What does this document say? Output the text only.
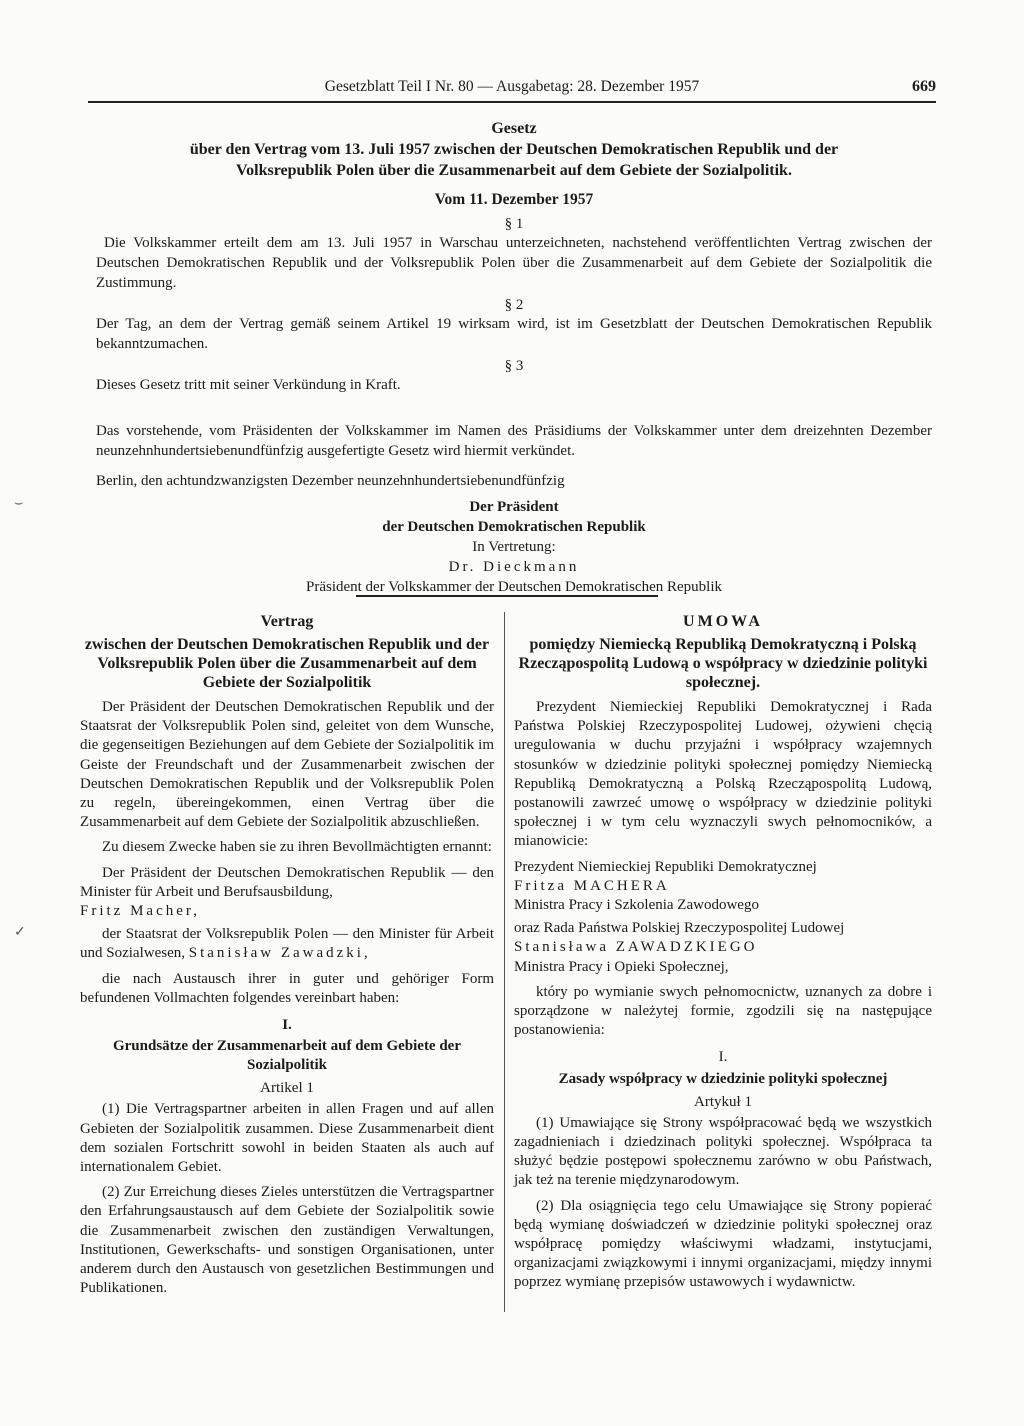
Gesetzblatt Teil I Nr. 80 — Ausgabetag: 28. Dezember 1957	669

Gesetz

über den Vertrag vom 13. Juli 1957 zwischen der Deutschen Demokratischen Republik und der

Volksrepublik Polen über die Zusammenarbeit auf dem Gebiete der Sozialpolitik.

Vom 11. Dezember 1957

§ 1

Die Volkskammer erteilt dem am 13. Juli 1957 in Warschau unterzeichneten, nachstehend veröffentlichten Vertrag zwischen der Deutschen Demokratischen Republik und der Volksrepublik Polen über die Zusammenarbeit auf dem Gebiete der Sozialpolitik die Zustimmung.

§ 2

Der Tag, an dem der Vertrag gemäß seinem Artikel 19 wirksam wird, ist im Gesetzblatt der Deutschen Demokratischen Republik bekanntzumachen.

§ 3

Dieses Gesetz tritt mit seiner Verkündung in Kraft.

Das vorstehende, vom Präsidenten der Volkskammer im Namen des Präsidiums der Volkskammer unter dem dreizehnten Dezember neunzehnhundertsiebenundfünfzig ausgefertigte Gesetz wird hiermit verkündet.

Berlin, den achtundzwanzigsten Dezember neunzehnhundertsiebenundfünfzig

Der Präsident

der Deutschen Demokratischen Republik

In Vertretung:

Dr. Dieckmann

Präsident der Volkskammer der Deutschen Demokratischen Republik

Vertrag

zwischen der Deutschen Demokratischen Republik und der Volksrepublik Polen über die Zusammenarbeit auf dem Gebiete der Sozialpolitik

Der Präsident der Deutschen Demokratischen Republik und der Staatsrat der Volksrepublik Polen sind, geleitet von dem Wunsche, die gegenseitigen Beziehungen auf dem Gebiete der Sozialpolitik im Geiste der Freundschaft und der Zusammenarbeit zwischen der Deutschen Demokratischen Republik und der Volksrepublik Polen zu regeln, übereingekommen, einen Vertrag über die Zusammenarbeit auf dem Gebiete der Sozialpolitik abzuschließen.

Zu diesem Zwecke haben sie zu ihren Bevollmächtigten ernannt:

Der Präsident der Deutschen Demokratischen Republik — den Minister für Arbeit und Berufsausbildung,
Fritz Macher,

der Staatsrat der Volksrepublik Polen — den Minister für Arbeit und Sozialwesen, Stanisław Zawadzki,

die nach Austausch ihrer in guter und gehöriger Form befundenen Vollmachten folgendes vereinbart haben:

I.

Grundsätze der Zusammenarbeit auf dem Gebiete der Sozialpolitik

Artikel 1

(1) Die Vertragspartner arbeiten in allen Fragen und auf allen Gebieten der Sozialpolitik zusammen. Diese Zusammenarbeit dient dem sozialen Fortschritt sowohl in beiden Staaten als auch auf internationalem Gebiet.

(2) Zur Erreichung dieses Zieles unterstützen die Vertragspartner den Erfahrungsaustausch auf dem Gebiete der Sozialpolitik sowie die Zusammenarbeit zwischen den zuständigen Verwaltungen, Institutionen, Gewerkschafts- und sonstigen Organisationen, unter anderem durch den Austausch von gesetzlichen Bestimmungen und Publikationen.

UMOWA

pomiędzy Niemiecką Republiką Demokratyczną i Polską Rzecząpospolitą Ludową o współpracy w dziedzinie polityki społecznej.

Prezydent Niemieckiej Republiki Demokratycznej i Rada Państwa Polskiej Rzeczypospolitej Ludowej, ożywieni chęcią uregulowania w duchu przyjaźni i współpracy wzajemnych stosunków w dziedzinie polityki społecznej pomiędzy Niemiecką Republiką Demokratyczną a Polską Rzecząpospolitą Ludową, postanowili zawrzeć umowę o współpracy w dziedzinie polityki społecznej i w tym celu wyznaczyli swych pełnomocników, a mianowicie:

Prezydent Niemieckiej Republiki Demokratycznej
Fritza MACHERA
Ministra Pracy i Szkolenia Zawodowego

oraz Rada Państwa Polskiej Rzeczypospolitej Ludowej
Stanisława ZAWADZKIEGO
Ministra Pracy i Opieki Społecznej,

który po wymianie swych pełnomocnictw, uznanych za dobre i sporządzone w należytej formie, zgodzili się na następujące postanowienia:

I.

Zasady współpracy w dziedzinie polityki społecznej

Artykuł 1

(1) Umawiające się Strony współpracować będą we wszystkich zagadnieniach i dziedzinach polityki społecznej. Współpraca ta służyć będzie postępowi społecznemu zarówno w obu Państwach, jak też na terenie międzynarodowym.

(2) Dla osiągnięcia tego celu Umawiające się Strony popierać będą wymianę doświadczeń w dziedzinie polityki społecznej oraz współpracę pomiędzy właściwymi władzami, instytucjami, organizacjami związkowymi i innymi organizacjami, między innymi poprzez wymianę przepisów ustawowych i wydawnictw.

⌣
✓
